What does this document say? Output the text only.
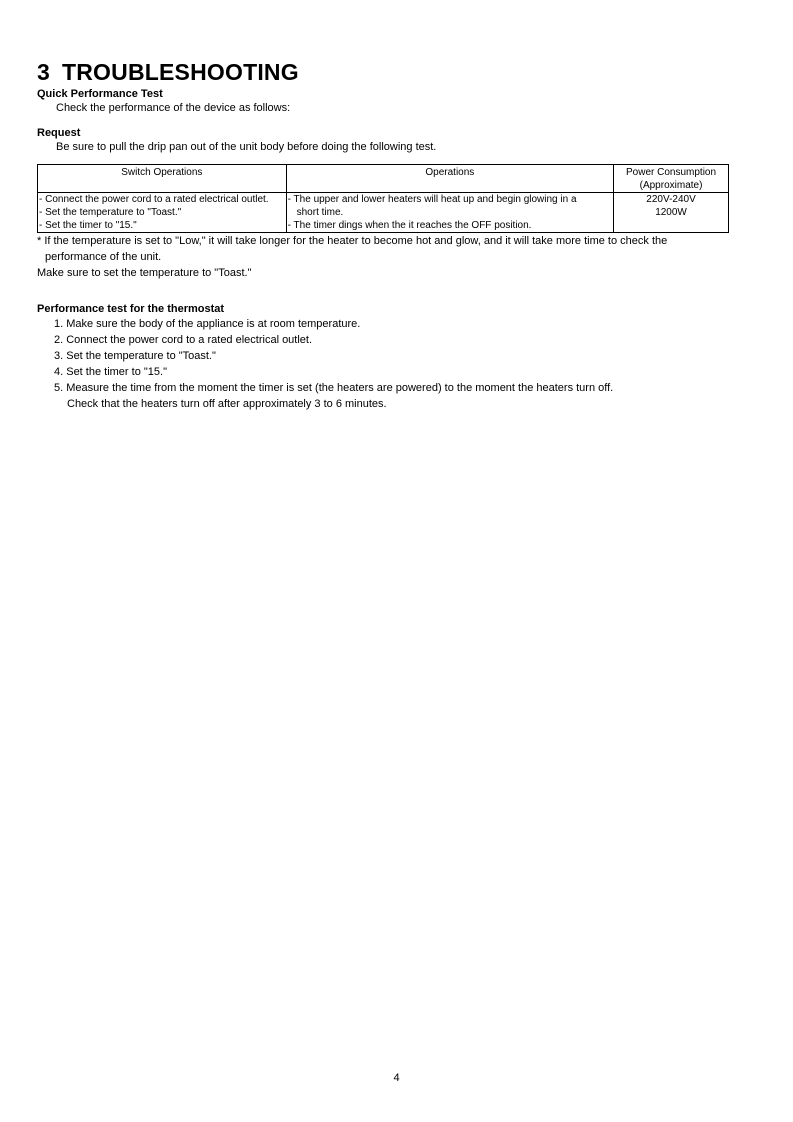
3 TROUBLESHOOTING
Quick Performance Test
Check the performance of the device as follows:
Request
Be sure to pull the drip pan out of the unit body before doing the following test.
Switch Operations	Operations	Power Consumption (Approximate)

- Connect the power cord to a rated electrical outlet.
- Set the temperature to "Toast."
- Set the timer to "15."	- The upper and lower heaters will heat up and begin glowing in a
short time.
- The timer dings when the it reaches the OFF position.	220V-240V
1200W
* If the temperature is set to "Low," it will take longer for the heater to become hot and glow, and it will take more time to check the
performance of the unit.
Make sure to set the temperature to "Toast."
Performance test for the thermostat
1. Make sure the body of the appliance is at room temperature.
2. Connect the power cord to a rated electrical outlet.
3. Set the temperature to "Toast."
4. Set the timer to "15."
5. Measure the time from the moment the timer is set (the heaters are powered) to the moment the heaters turn off.
Check that the heaters turn off after approximately 3 to 6 minutes.
4
